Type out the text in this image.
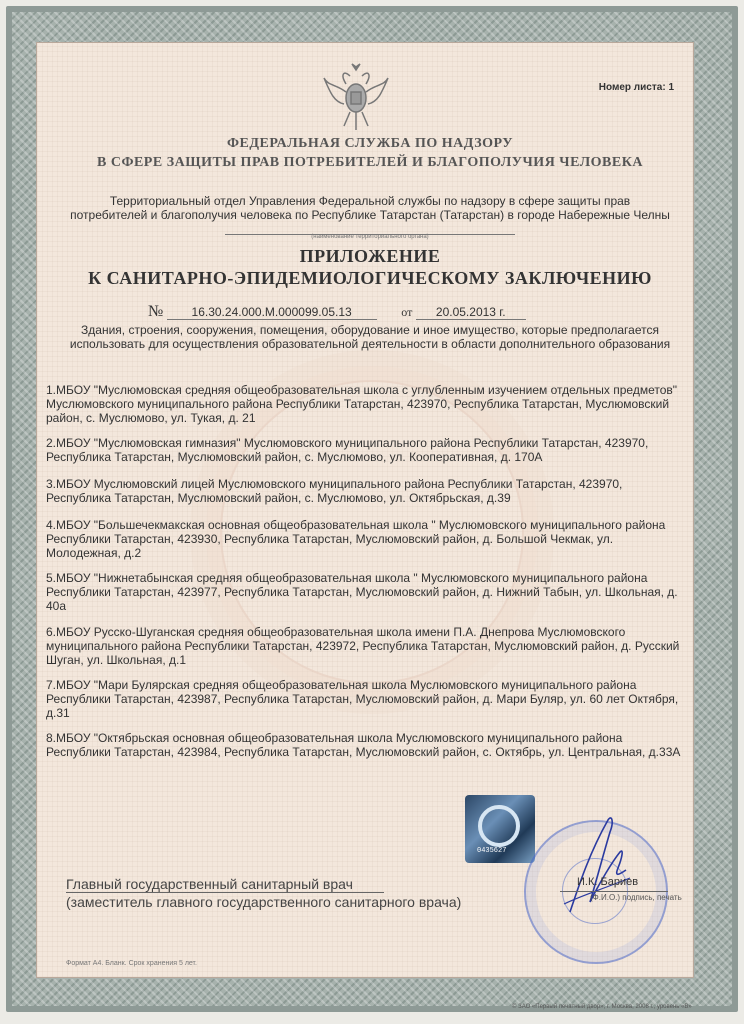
Номер листа: 1
ФЕДЕРАЛЬНАЯ СЛУЖБА ПО НАДЗОРУ
В СФЕРЕ ЗАЩИТЫ ПРАВ ПОТРЕБИТЕЛЕЙ И БЛАГОПОЛУЧИЯ ЧЕЛОВЕКА
Территориальный отдел Управления Федеральной службы по надзору в сфере защиты прав потребителей и благополучия человека по Республике Татарстан (Татарстан) в городе Набережные Челны
(наименование территориального органа)
ПРИЛОЖЕНИЕ
К САНИТАРНО-ЭПИДЕМИОЛОГИЧЕСКОМУ ЗАКЛЮЧЕНИЮ
№ 16.30.24.000.М.000099.05.13	от 20.05.2013 г.
Здания, строения, сооружения, помещения, оборудование и иное имущество, которые предполагается использовать для осуществления образовательной деятельности в области дополнительного образования
1.МБОУ "Муслюмовская средняя общеобразовательная школа с углубленным изучением отдельных предметов" Муслюмовского муниципального района Республики Татарстан, 423970, Республика Татарстан, Муслюмовский район, с. Муслюмово, ул. Тукая, д. 21
2.МБОУ "Муслюмовская гимназия" Муслюмовского муниципального района Республики Татарстан, 423970, Республика Татарстан, Муслюмовский район, с. Муслюмово, ул. Кооперативная, д. 170А
3.МБОУ Муслюмовский лицей Муслюмовского муниципального района Республики Татарстан, 423970, Республика Татарстан, Муслюмовский район, с. Муслюмово, ул. Октябрьская, д.39
4.МБОУ "Большечекмакская основная общеобразовательная школа " Муслюмовского муниципального района Республики Татарстан, 423930, Республика Татарстан, Муслюмовский район, д. Большой Чекмак, ул. Молодежная, д.2
5.МБОУ "Нижнетабынская средняя общеобразовательная школа " Муслюмовского муниципального района Республики Татарстан, 423977, Республика Татарстан, Муслюмовский район, д. Нижний Табын, ул. Школьная, д. 40а
6.МБОУ Русско-Шуганская средняя общеобразовательная школа имени П.А. Днепрова Муслюмовского муниципального района Республики Татарстан, 423972, Республика Татарстан, Муслюмовский район, д. Русский Шуган, ул. Школьная, д.1
7.МБОУ "Мари Булярская средняя общеобразовательная школа Муслюмовского муниципального района Республики Татарстан, 423987, Республика Татарстан, Муслюмовский район, д. Мари Буляр, ул. 60 лет Октября, д.31
8.МБОУ "Октябрьская основная общеобразовательная школа Муслюмовского муниципального района Республики Татарстан, 423984, Республика Татарстан, Муслюмовский район, с. Октябрь, ул. Центральная, д.33А
0435627
Главный государственный санитарный врач
(заместитель главного государственного санитарного врача)
И.К. Бариев
(Ф.И.О.) подпись, печать
Формат А4. Бланк. Срок хранения 5 лет.
© ЗАО «Первый печатный двор», г. Москва, 2008 г., уровень «В»
